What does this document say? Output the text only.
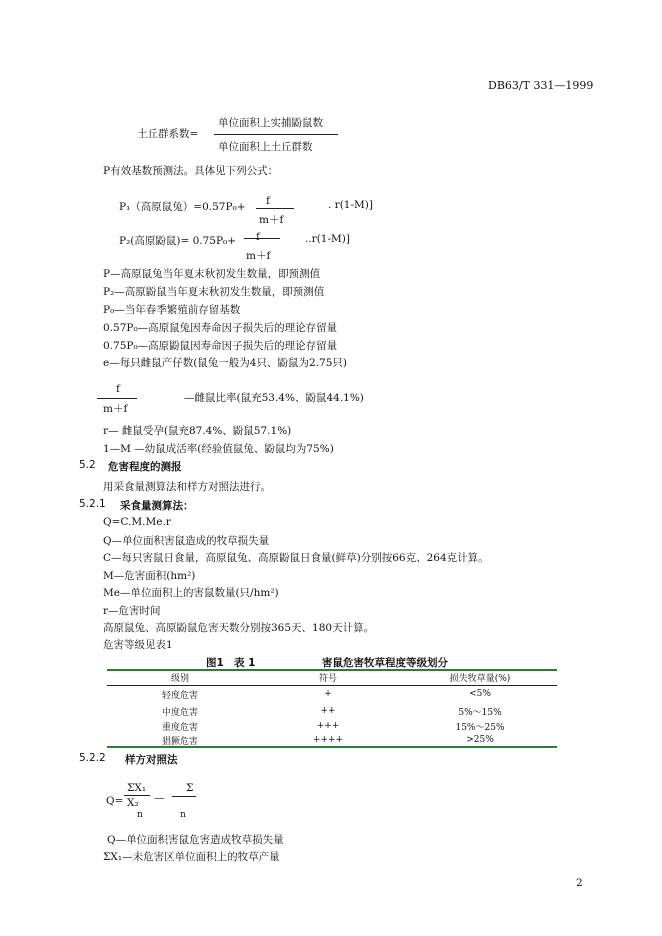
DB63/T 331—1999
土丘群系数=
单位面积上实捕鼢鼠数
单位面积上土丘群数
P有效基数预测法。具体见下列公式：
P₁（高原鼠兔）=0.57P₀+ f
m＋f
. r(1-M)]
P₂(高原鼢鼠)= 0.75P₀+ f
m＋f
..r(1-M)]
P—高原鼠兔当年夏末秋初发生数量，即预测值
P₂—高原鼢鼠当年夏末秋初发生数量，即预测值
P₀—当年春季繁殖前存留基数
0.57P₀—高原鼠兔因寿命因子损失后的理论存留量
0.75P₀—高原鼢鼠因寿命因子损失后的理论存留量
e—每只雌鼠产仔数(鼠兔一般为4只、鼢鼠为2.75只)
f
m＋f
—雌鼠比率(鼠充53.4%、鼢鼠44.1%)
r— 雌鼠受孕(鼠充87.4%、鼢鼠57.1%)
1—M —幼鼠成活率(经验值鼠兔、鼢鼠均为75%)
5.2 危害程度的测报
用采食量测算法和样方对照法进行。
5.2.1 采食量测算法：
Q=C.M.Me.r
Q—单位面积害鼠造成的牧草损失量
C—每只害鼠日食量，高原鼠兔、高原鼢鼠日食量(鲜草)分别按66克、264克计算。
M—危害面积(hm²)
Me—单位面积上的害鼠数量(只/hm²)
r—危害时间
高原鼠兔、高原鼢鼠危害天数分别按365天、180天计算。
危害等级见表1
图1 表 1	害鼠危害牧草程度等级划分
级别	符号	损失牧草量(%)
轻度危害	+	<5%
中度危害	++	5%～15%
重度危害	+++	15%～25%
猖獗危害	++++	>25%
5.2.2 样方对照法
Q=
ΣX₁
X₂
n
—
Σ
n
Q—单位面积害鼠危害造成牧草损失量
ΣX₁—未危害区单位面积上的牧草产量
2
